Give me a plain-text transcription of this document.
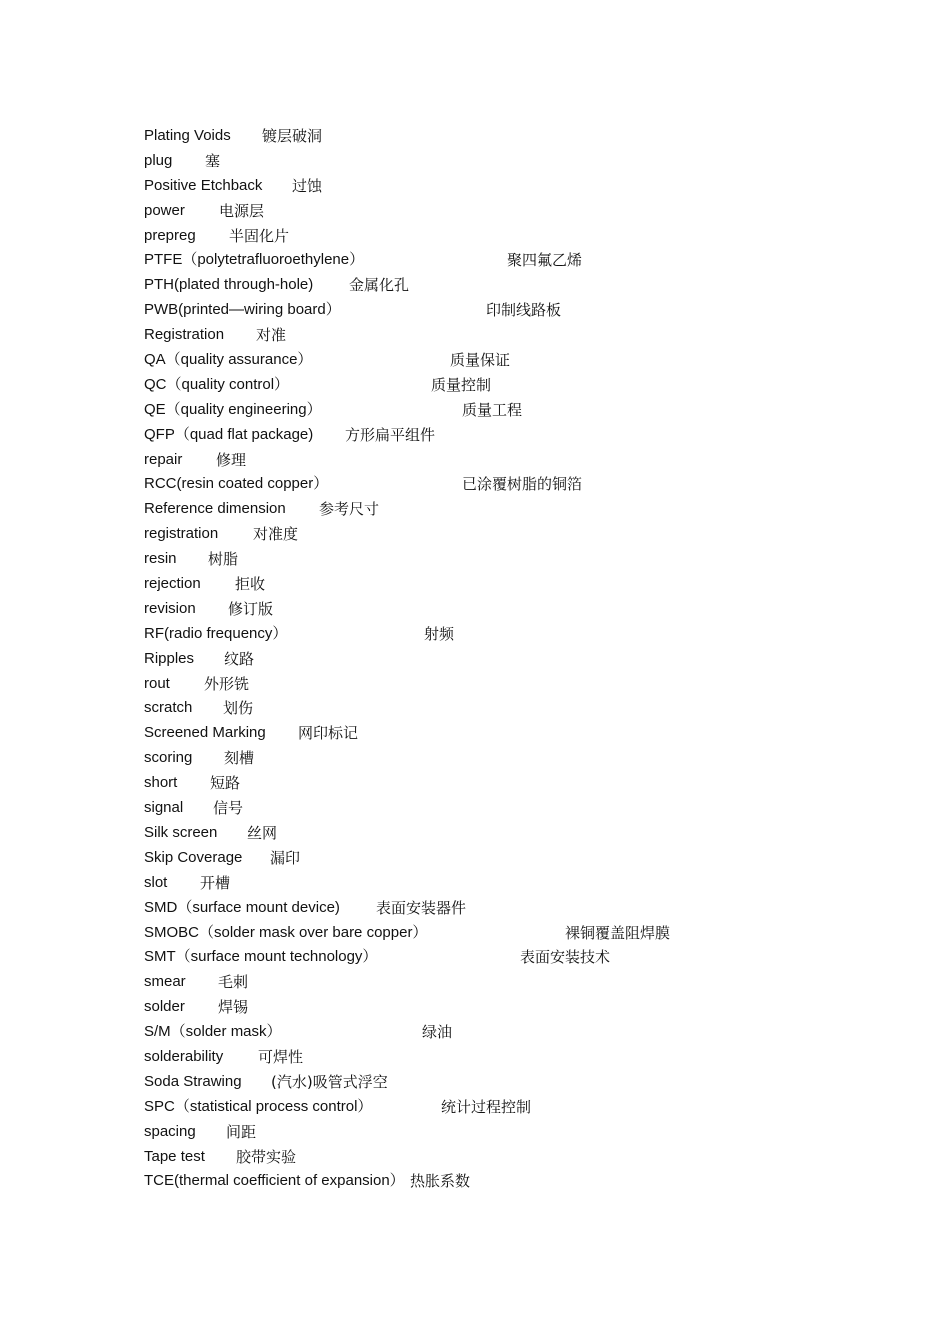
Plating Voids	镀层破洞
plug	塞
Positive Etchback	过蚀
power	电源层
prepreg	半固化片
PTFE（polytetrafluoroethylene）	聚四氟乙烯
PTH(plated through-hole)	金属化孔
PWB(printed—wiring board）	印制线路板
Registration	对准
QA（quality assurance）	质量保证
QC（quality control）	质量控制
QE（quality engineering）	质量工程
QFP（quad flat package)	方形扁平组件
repair	修理
RCC(resin coated copper）	已涂覆树脂的铜箔
Reference dimension	参考尺寸
registration	对准度
resin	树脂
rejection	拒收
revision	修订版
RF(radio frequency）	射频
Ripples	纹路
rout	外形铣
scratch	划伤
Screened Marking	网印标记
scoring	刻槽
short	短路
signal	信号
Silk screen	丝网
Skip Coverage	漏印
slot	开槽
SMD（surface mount device)	表面安装器件
SMOBC（solder mask over bare copper）	裸铜覆盖阻焊膜
SMT（surface mount technology）	表面安装技术
smear	毛刺
solder	焊锡
S/M（solder mask）	绿油
solderability	可焊性
Soda Strawing	(汽水)吸管式浮空
SPC（statistical process control）	统计过程控制
spacing	间距
Tape test	胶带实验
TCE(thermal coefficient of expansion） 热胀系数
